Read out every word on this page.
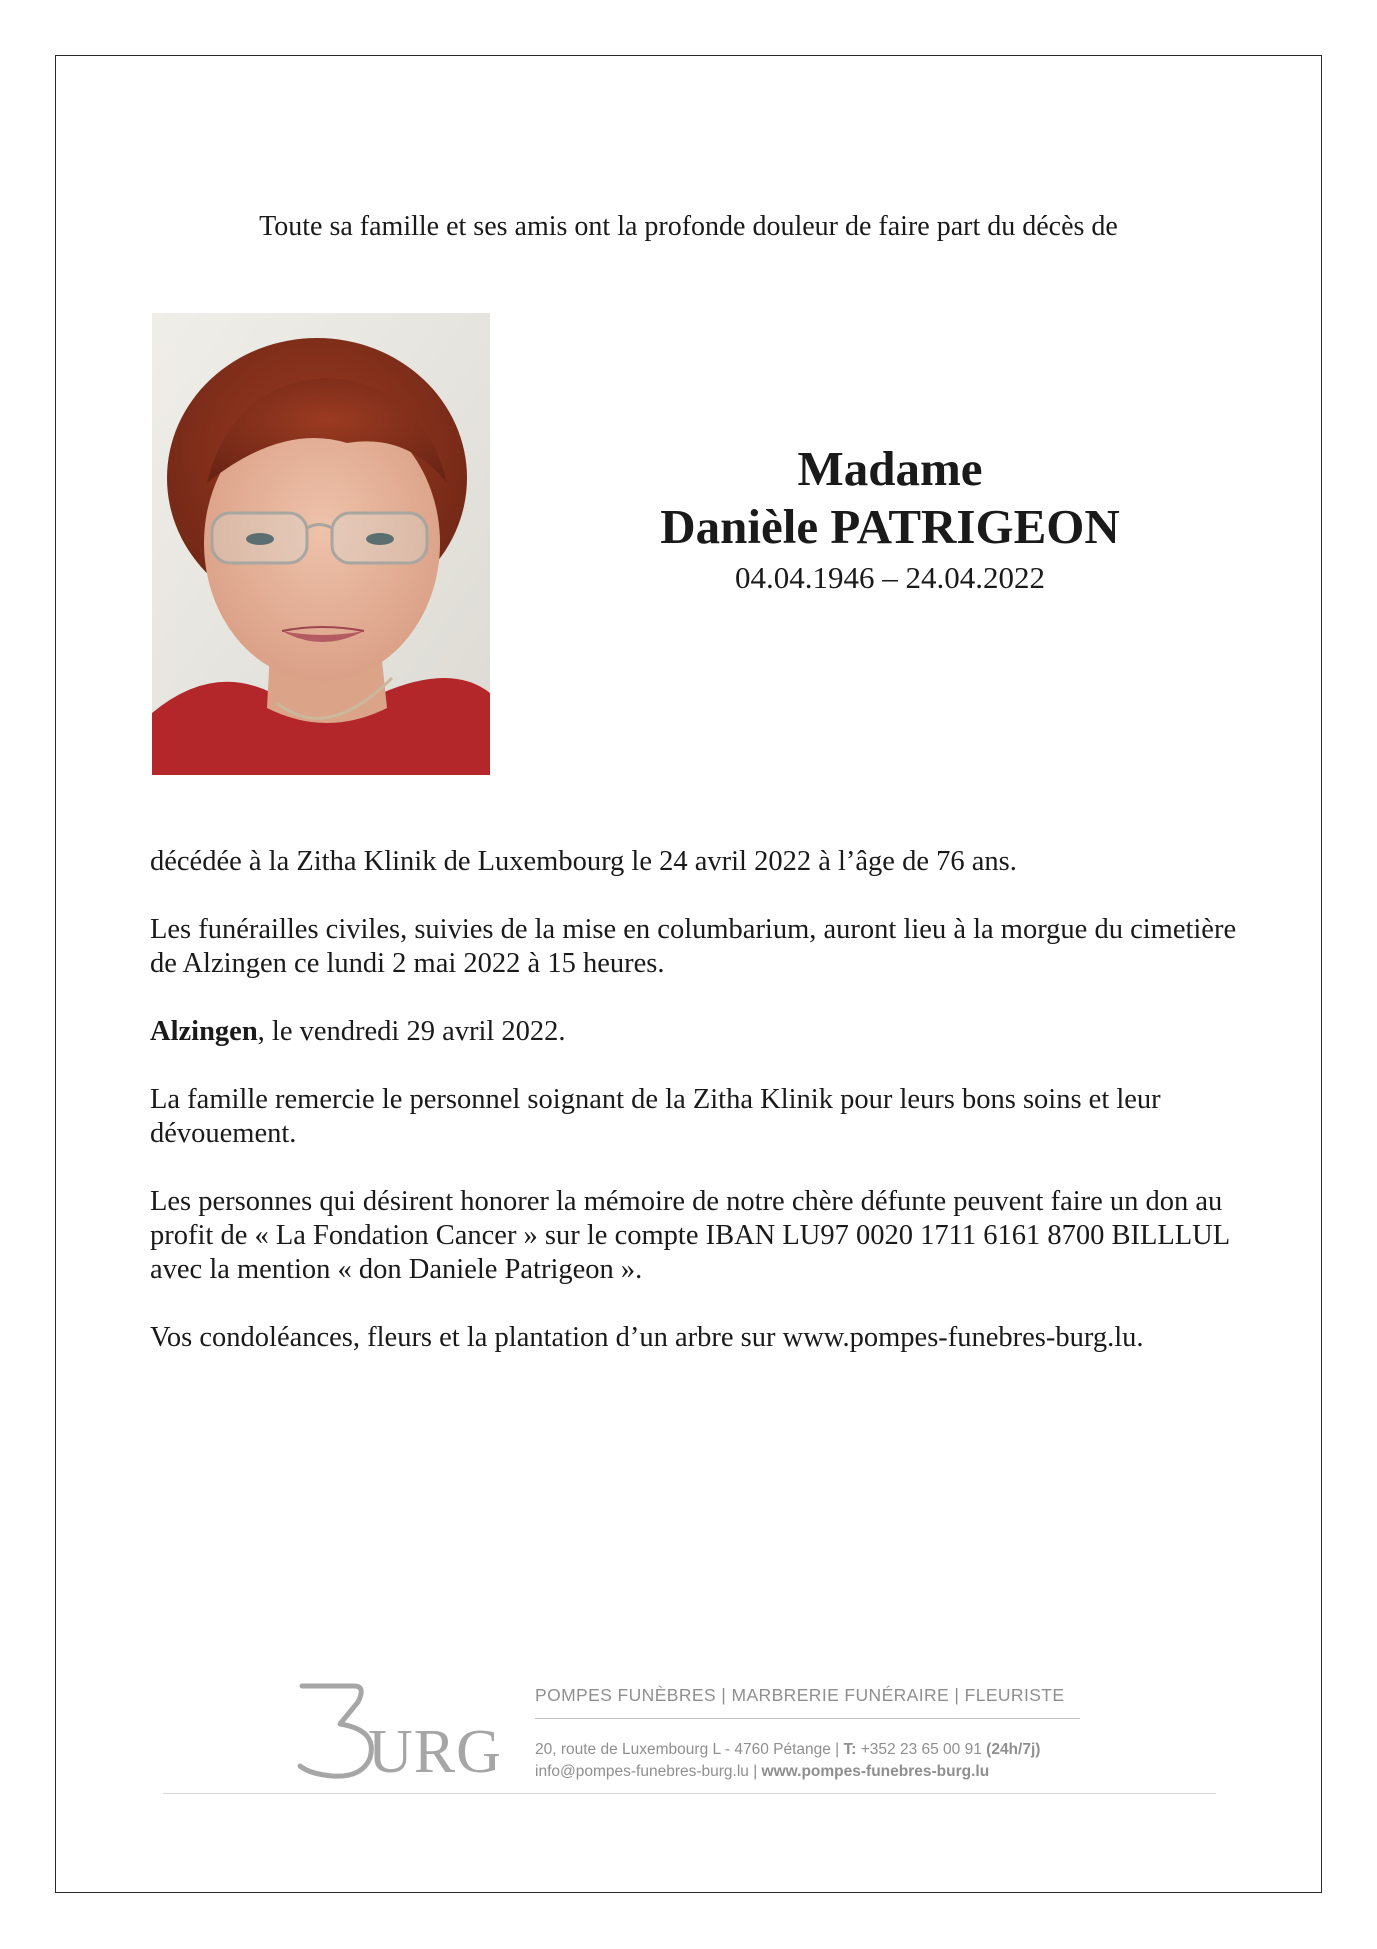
Toute sa famille et ses amis ont la profonde douleur de faire part du décès de
Madame
Danièle PATRIGEON
04.04.1946 – 24.04.2022

décédée à la Zitha Klinik de Luxembourg le 24 avril 2022 à l’âge de 76 ans.

Les funérailles civiles, suivies de la mise en columbarium, auront lieu à la morgue du cimetière de Alzingen ce lundi 2 mai 2022 à 15 heures.

Alzingen, le vendredi 29 avril 2022.

La famille remercie le personnel soignant de la Zitha Klinik pour leurs bons soins et leur dévouement.

Les personnes qui désirent honorer la mémoire de notre chère défunte peuvent faire un don au profit de « La Fondation Cancer » sur le compte IBAN LU97 0020 1711 6161 8700 BILLLUL avec la mention « don Daniele Patrigeon ».

Vos condoléances, fleurs et la plantation d’un arbre sur www.pompes-funebres-burg.lu.

URG
POMPES FUNÈBRES | MARBRERIE FUNÉRAIRE | FLEURISTE
20, route de Luxembourg L - 4760 Pétange | T: +352 23 65 00 91 (24h/7j)
info@pompes-funebres-burg.lu | www.pompes-funebres-burg.lu
